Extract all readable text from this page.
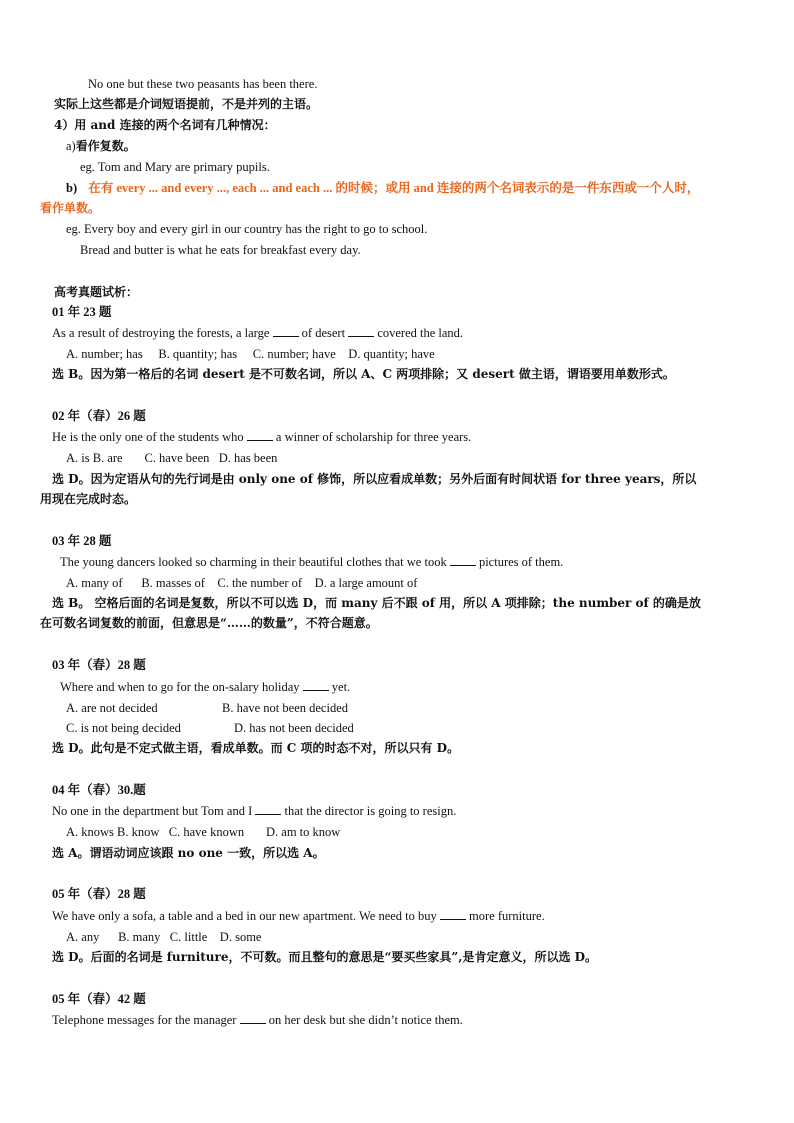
No one but these two peasants has been there.
实际上这些都是介词短语提前，不是并列的主语。
4）用 and 连接的两个名词有几种情况：
a)看作复数。
eg. Tom and Mary are primary pupils.
b) 在有 every ... and every ..., each ... and each ... 的时候；或用 and 连接的两个名词表示的是一件东西或一个人时，
看作单数。
eg. Every boy and every girl in our country has the right to go to school.
Bread and butter is what he eats for breakfast every day.
高考真题试析：
01 年 23 题
As a result of destroying the forests, a large	of desert	covered the land.
A. number; has     B. quantity; has     C. number; have    D. quantity; have
选 B。因为第一格后的名词 desert 是不可数名词，所以 A、C 两项排除；又 desert 做主语，谓语要用单数形式。
02 年（春）26 题
He is the only one of the students who	a winner of scholarship for three years.
A. is B. are       C. have been   D. has been
选 D。因为定语从句的先行词是由 only one of 修饰，所以应看成单数；另外后面有时间状语 for three years，所以
用现在完成时态。
03 年 28 题
The young dancers looked so charming in their beautiful clothes that we took	pictures of them.
A. many of      B. masses of    C. the number of    D. a large amount of
选 B。 空格后面的名词是复数，所以不可以选 D，而 many 后不跟 of 用，所以 A 项排除；the number of 的确是放
在可数名词复数的前面，但意思是“……的数量”，不符合题意。
03 年（春）28 题
Where and when to go for the on-salary holiday	yet.
A. are not decided	B. have not been decided
C. is not being decided	D. has not been decided
选 D。此句是不定式做主语，看成单数。而 C 项的时态不对，所以只有 D。
04 年（春）30.题
No one in the department but Tom and I	that the director is going to resign.
A. knows B. know   C. have known       D. am to know
选 A。谓语动词应该跟 no one 一致，所以选 A。
05 年（春）28 题
We have only a sofa, a table and a bed in our new apartment. We need to buy	more furniture.
A. any      B. many   C. little    D. some
选 D。后面的名词是 furniture，不可数。而且整句的意思是“要买些家具”,是肯定意义，所以选 D。
05 年（春）42 题
Telephone messages for the manager	on her desk but she didn’t notice them.
